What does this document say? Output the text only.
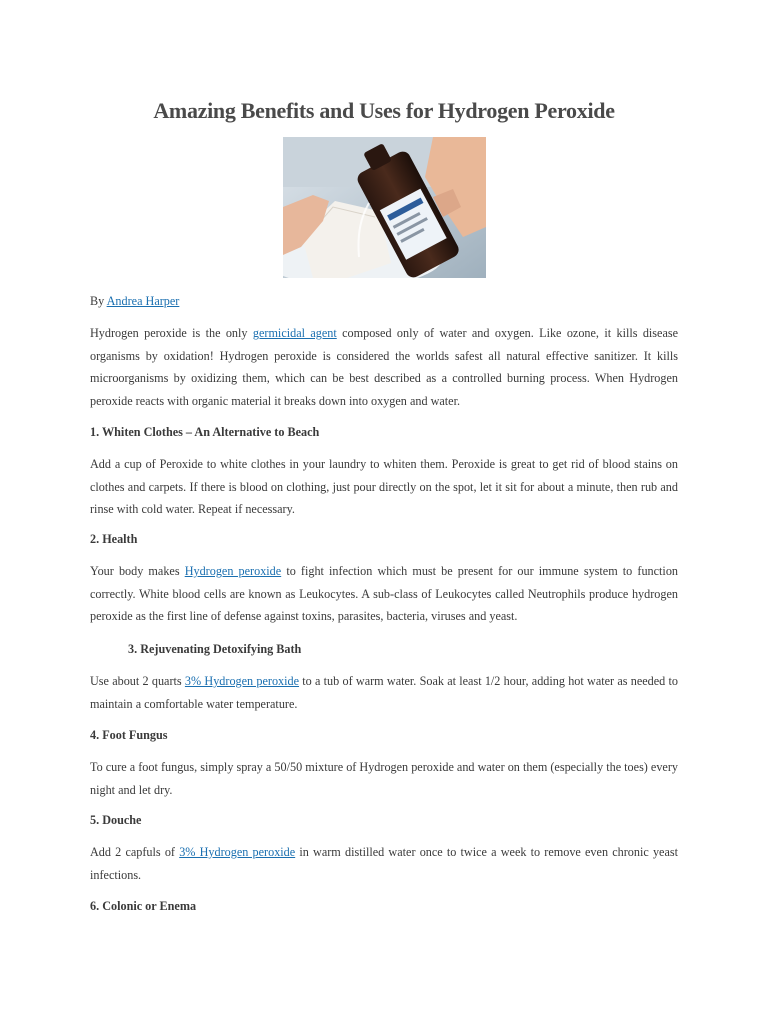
Amazing Benefits and Uses for Hydrogen Peroxide

By Andrea Harper

Hydrogen peroxide is the only germicidal agent composed only of water and oxygen. Like ozone, it kills disease organisms by oxidation! Hydrogen peroxide is considered the worlds safest all natural effective sanitizer. It kills microorganisms by oxidizing them, which can be best described as a controlled burning process. When Hydrogen peroxide reacts with organic material it breaks down into oxygen and water.

1. Whiten Clothes – An Alternative to Beach

Add a cup of Peroxide to white clothes in your laundry to whiten them. Peroxide is great to get rid of blood stains on clothes and carpets. If there is blood on clothing, just pour directly on the spot, let it sit for about a minute, then rub and rinse with cold water. Repeat if necessary.

2. Health

Your body makes Hydrogen peroxide to fight infection which must be present for our immune system to function correctly. White blood cells are known as Leukocytes. A sub-class of Leukocytes called Neutrophils produce hydrogen peroxide as the first line of defense against toxins, parasites, bacteria, viruses and yeast.

3. Rejuvenating Detoxifying Bath

Use about 2 quarts 3% Hydrogen peroxide to a tub of warm water. Soak at least 1/2 hour, adding hot water as needed to maintain a comfortable water temperature.

4. Foot Fungus

To cure a foot fungus, simply spray a 50/50 mixture of Hydrogen peroxide and water on them (especially the toes) every night and let dry.

5. Douche

Add 2 capfuls of 3% Hydrogen peroxide in warm distilled water once to twice a week to remove even chronic yeast infections.

6. Colonic or Enema
